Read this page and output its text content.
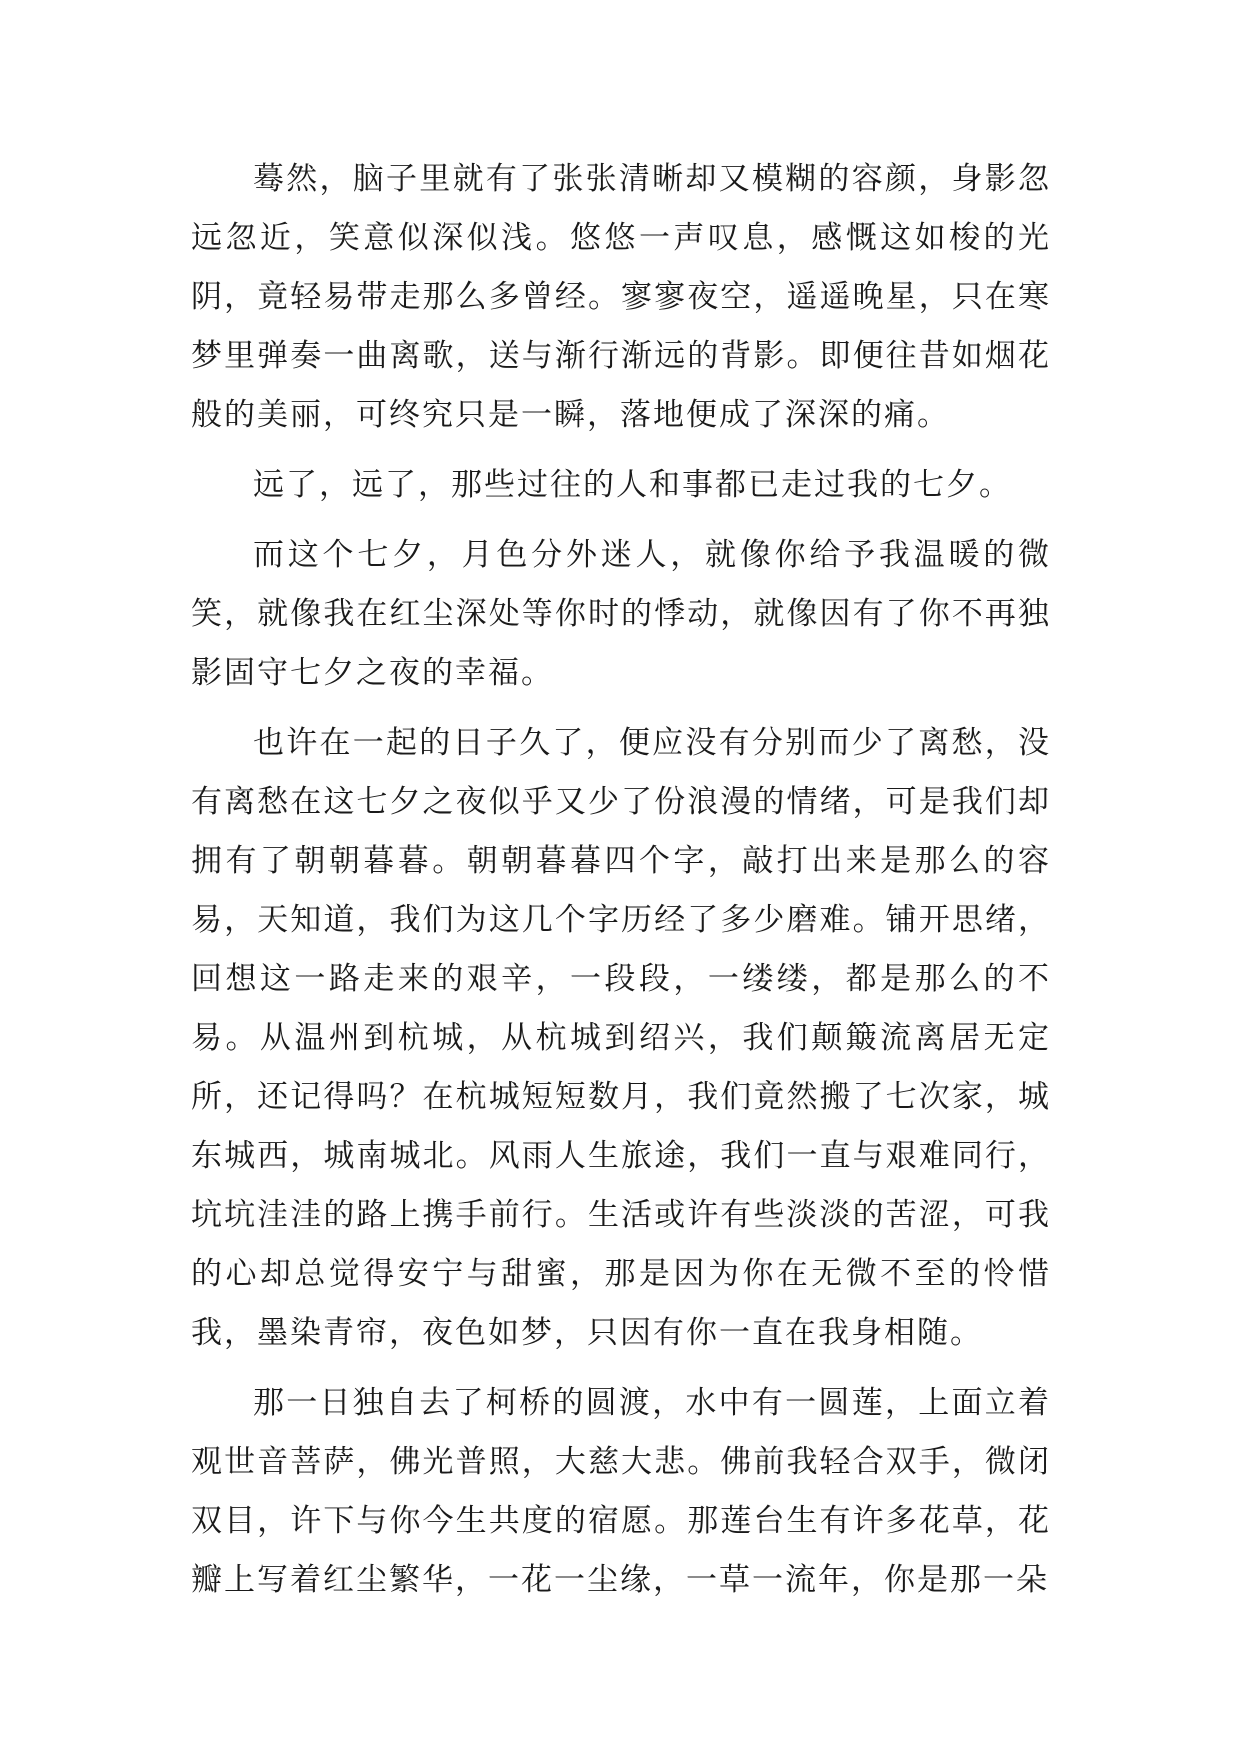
蓦然，脑子里就有了张张清晰却又模糊的容颜，身影忽远忽近，笑意似深似浅。悠悠一声叹息，感慨这如梭的光阴，竟轻易带走那么多曾经。寥寥夜空，遥遥晚星，只在寒梦里弹奏一曲离歌，送与渐行渐远的背影。即便往昔如烟花般的美丽，可终究只是一瞬，落地便成了深深的痛。

远了，远了，那些过往的人和事都已走过我的七夕。

而这个七夕，月色分外迷人，就像你给予我温暖的微笑，就像我在红尘深处等你时的悸动，就像因有了你不再独影固守七夕之夜的幸福。

也许在一起的日子久了，便应没有分别而少了离愁，没有离愁在这七夕之夜似乎又少了份浪漫的情绪，可是我们却拥有了朝朝暮暮。朝朝暮暮四个字，敲打出来是那么的容易，天知道，我们为这几个字历经了多少磨难。铺开思绪，回想这一路走来的艰辛，一段段，一缕缕，都是那么的不易。从温州到杭城，从杭城到绍兴，我们颠簸流离居无定所，还记得吗？在杭城短短数月，我们竟然搬了七次家，城东城西，城南城北。风雨人生旅途，我们一直与艰难同行，坑坑洼洼的路上携手前行。生活或许有些淡淡的苦涩，可我的心却总觉得安宁与甜蜜，那是因为你在无微不至的怜惜我，墨染青帘，夜色如梦，只因有你一直在我身相随。

那一日独自去了柯桥的圆渡，水中有一圆莲，上面立着观世音菩萨，佛光普照，大慈大悲。佛前我轻合双手，微闭双目，许下与你今生共度的宿愿。那莲台生有许多花草，花瓣上写着红尘繁华，一花一尘缘，一草一流年，你是那一朵
